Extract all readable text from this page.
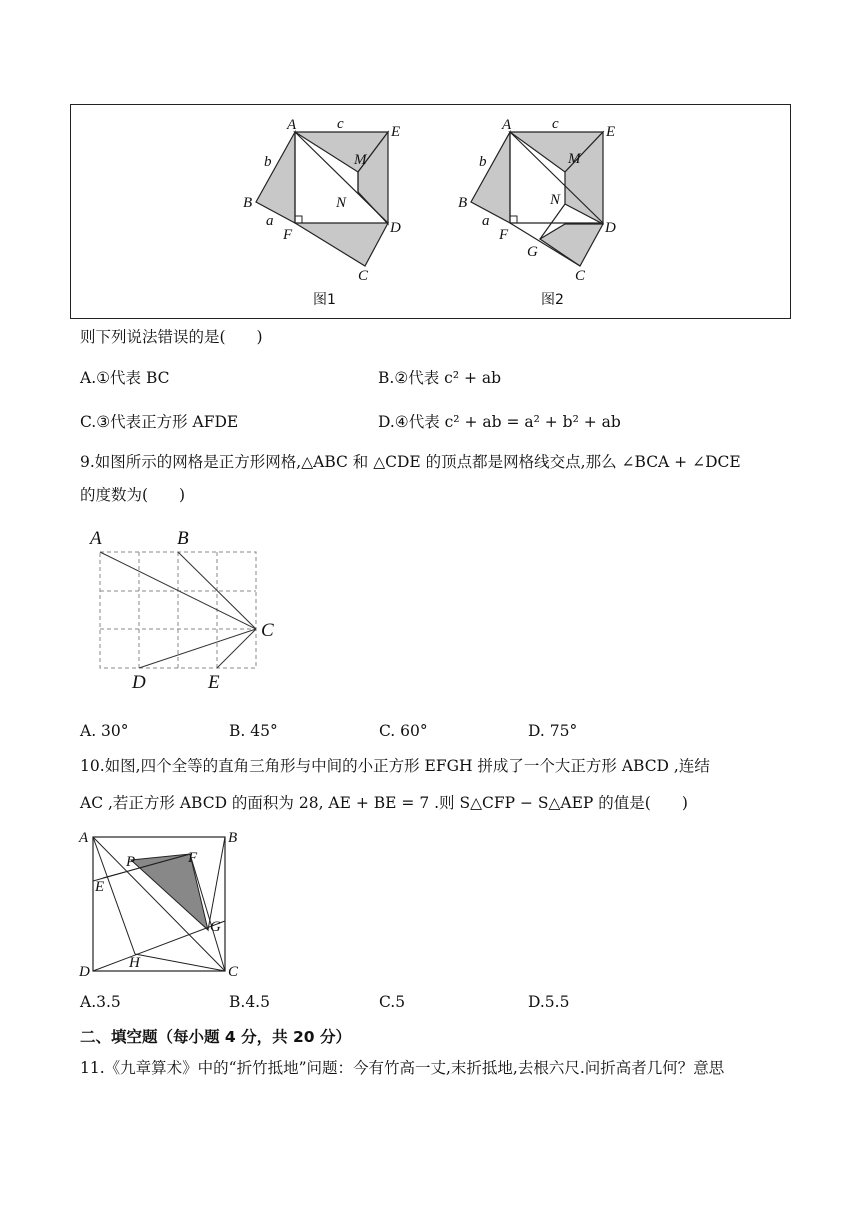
A	c	E
b	M
B	N
a
F	D
C
图1
A	c	E
b	M
B	N
a
F	D
G
C
图2
则下列说法错误的是(　　)
A.①代表 BC	B.②代表 c² + ab
C.③代表正方形 AFDE	D.④代表 c² + ab = a² + b² + ab
9.如图所示的网格是正方形网格,△ABC 和 △CDE 的顶点都是网格线交点,那么 ∠BCA + ∠DCE
的度数为(　　)
A	B
C
D	E
A. 30°	B. 45°	C. 60°	D. 75°
10.如图,四个全等的直角三角形与中间的小正方形 EFGH 拼成了一个大正方形 ABCD ,连结
AC ,若正方形 ABCD 的面积为 28, AE + BE = 7 .则 S△CFP − S△AEP 的值是(　　)
A	B
P	F
E
G
D
H
C
A.3.5	B.4.5	C.5	D.5.5
二、填空题（每小题 4 分，共 20 分）
11.《九章算术》中的“折竹抵地”问题：今有竹高一丈,末折抵地,去根六尺.问折高者几何？意思
